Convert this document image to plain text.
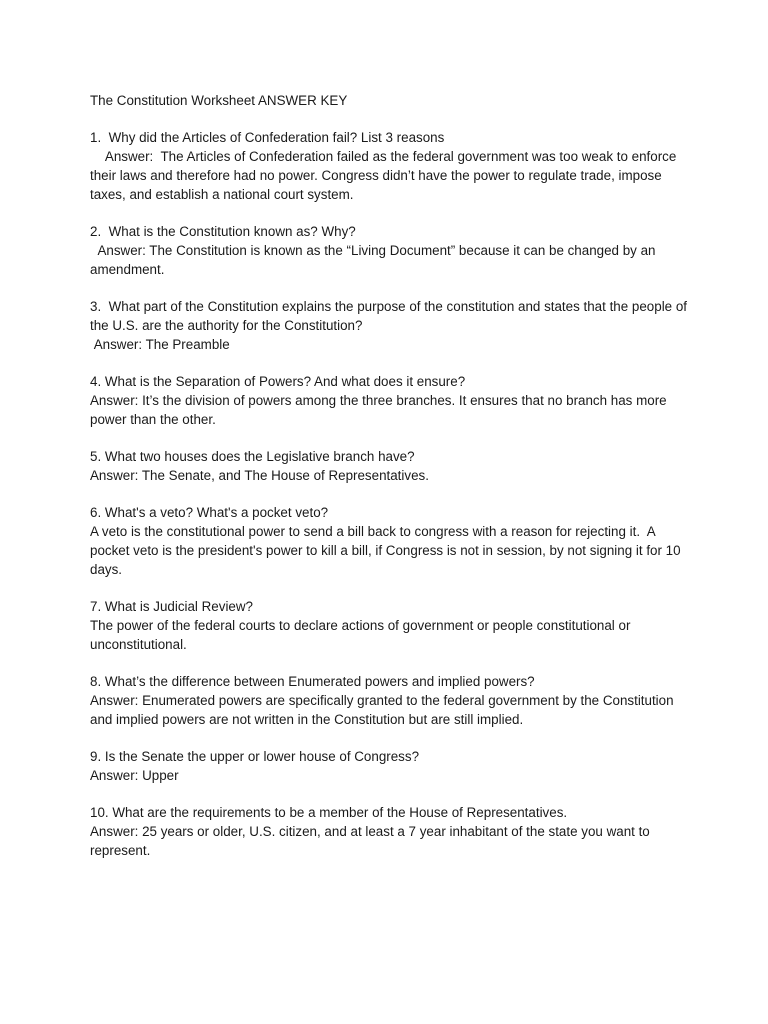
The Constitution Worksheet ANSWER KEY

1.  Why did the Articles of Confederation fail? List 3 reasons

Answer:  The Articles of Confederation failed as the federal government was too weak to enforce their laws and therefore had no power. Congress didn’t have the power to regulate trade, impose taxes, and establish a national court system.

2.  What is the Constitution known as? Why?

Answer: The Constitution is known as the “Living Document” because it can be changed by an amendment.

3.  What part of the Constitution explains the purpose of the constitution and states that the people of the U.S. are the authority for the Constitution?

Answer: The Preamble

4. What is the Separation of Powers? And what does it ensure?

Answer: It’s the division of powers among the three branches. It ensures that no branch has more power than the other.

5. What two houses does the Legislative branch have?

Answer: The Senate, and The House of Representatives.

6. What's a veto? What's a pocket veto?

A veto is the constitutional power to send a bill back to congress with a reason for rejecting it.  A pocket veto is the president's power to kill a bill, if Congress is not in session, by not signing it for 10 days.

7. What is Judicial Review?

The power of the federal courts to declare actions of government or people constitutional or unconstitutional.

8. What’s the difference between Enumerated powers and implied powers?

Answer: Enumerated powers are specifically granted to the federal government by the Constitution and implied powers are not written in the Constitution but are still implied.

9. Is the Senate the upper or lower house of Congress?

Answer: Upper

10. What are the requirements to be a member of the House of Representatives.

Answer: 25 years or older, U.S. citizen, and at least a 7 year inhabitant of the state you want to represent.
